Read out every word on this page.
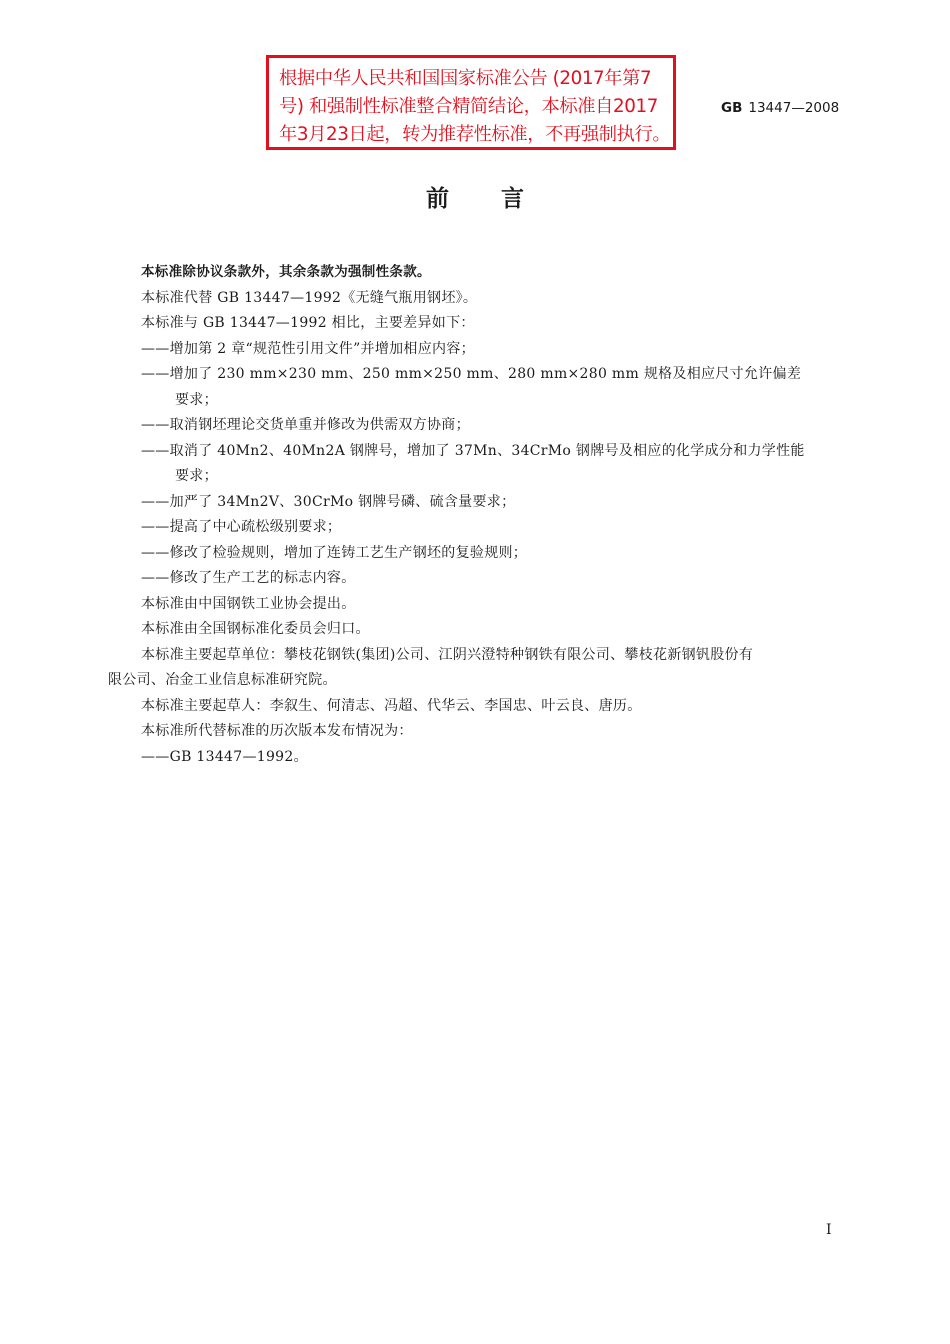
根据中华人民共和国国家标准公告 (2017年第7
号) 和强制性标准整合精简结论，本标准自2017
年3月23日起，转为推荐性标准，不再强制执行。
GB 13447—2008
前言
本标准除协议条款外，其余条款为强制性条款。
本标准代替 GB 13447—1992《无缝气瓶用钢坯》。
本标准与 GB 13447—1992 相比，主要差异如下：
——增加第 2 章“规范性引用文件”并增加相应内容；
——增加了 230 mm×230 mm、250 mm×250 mm、280 mm×280 mm 规格及相应尺寸允许偏差
要求；
——取消钢坯理论交货单重并修改为供需双方协商；
——取消了 40Mn2、40Mn2A 钢牌号，增加了 37Mn、34CrMo 钢牌号及相应的化学成分和力学性能
要求；
——加严了 34Mn2V、30CrMo 钢牌号磷、硫含量要求；
——提高了中心疏松级别要求；
——修改了检验规则，增加了连铸工艺生产钢坯的复验规则；
——修改了生产工艺的标志内容。
本标准由中国钢铁工业协会提出。
本标准由全国钢标准化委员会归口。
本标准主要起草单位：攀枝花钢铁(集团)公司、江阴兴澄特种钢铁有限公司、攀枝花新钢钒股份有
限公司、冶金工业信息标准研究院。
本标准主要起草人：李叙生、何清志、冯超、代华云、李国忠、叶云良、唐历。
本标准所代替标准的历次版本发布情况为：
——GB 13447—1992。
I
